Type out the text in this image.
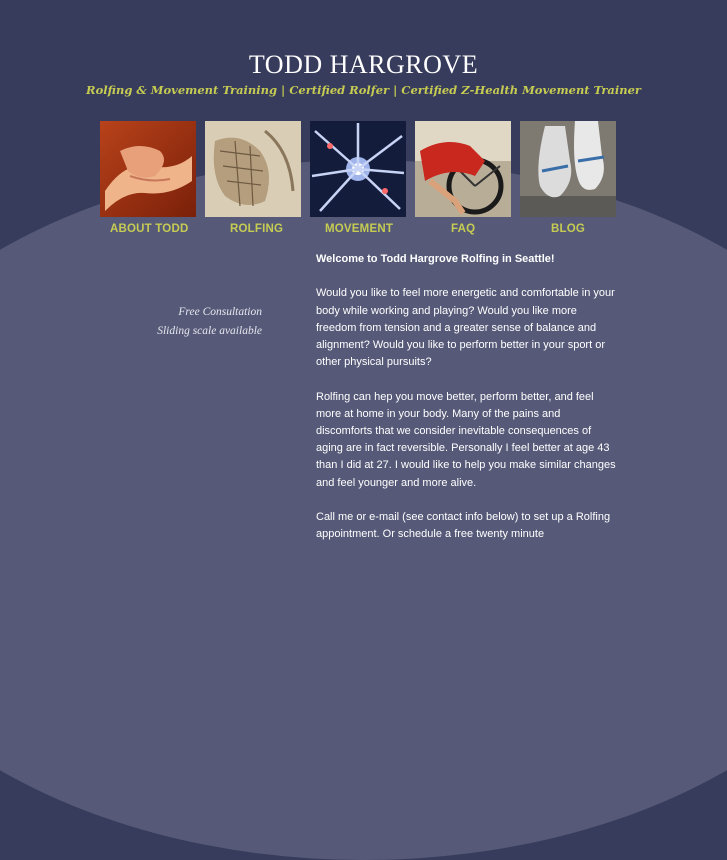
TODD HARGROVE
Rolfing & Movement Training | Certified Rolfer | Certified Z-Health Movement Trainer
ABOUT TODD	ROLFING	MOVEMENT	FAQ	BLOG
Free Consultation
Sliding scale available
Welcome to Todd Hargrove Rolfing in Seattle!

Would you like to feel more energetic and comfortable in your body while working and playing? Would you like more freedom from tension and a greater sense of balance and alignment? Would you like to perform better in your sport or other physical pursuits?

Rolfing can hep you move better, perform better, and feel more at home in your body. Many of the pains and discomforts that we consider inevitable consequences of aging are in fact reversible. Personally I feel better at age 43 than I did at 27. I would like to help you make similar changes and feel younger and more alive.

Call me or e-mail (see contact info below) to set up a Rolfing appointment. Or schedule a free twenty minute
